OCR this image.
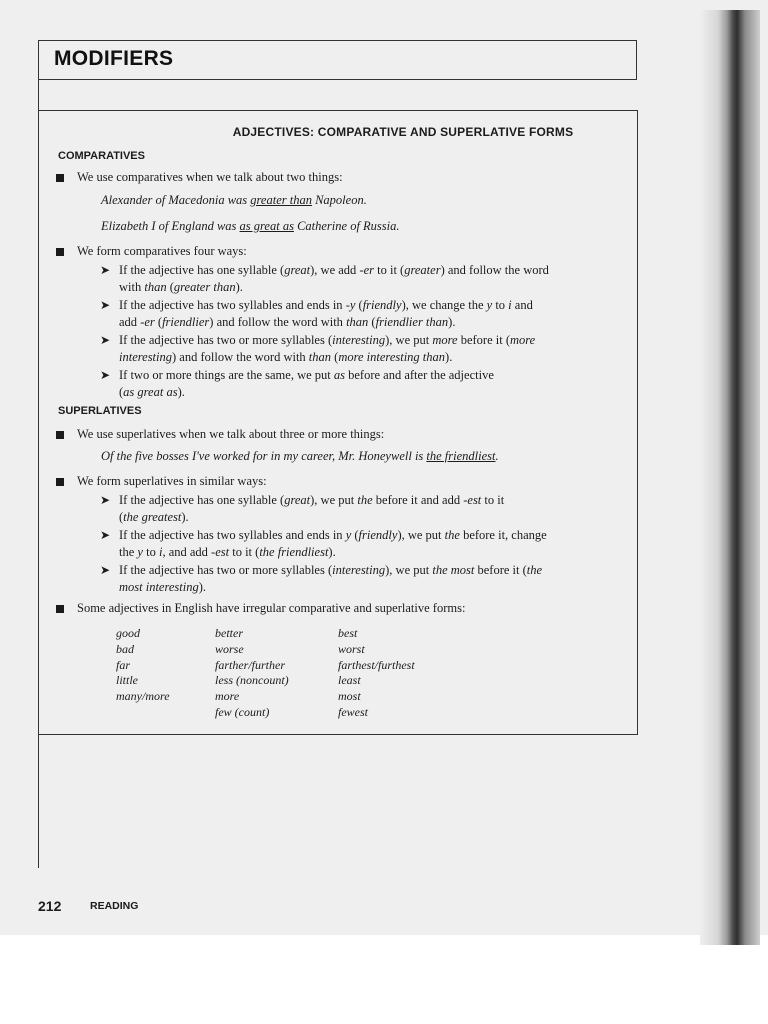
MODIFIERS
ADJECTIVES: COMPARATIVE AND SUPERLATIVE FORMS
COMPARATIVES
We use comparatives when we talk about two things:
Alexander of Macedonia was greater than Napoleon.
Elizabeth I of England was as great as Catherine of Russia.
We form comparatives four ways:
➤ If the adjective has one syllable (great), we add -er to it (greater) and follow the word
with than (greater than).
➤ If the adjective has two syllables and ends in -y (friendly), we change the y to i and
add -er (friendlier) and follow the word with than (friendlier than).
➤ If the adjective has two or more syllables (interesting), we put more before it (more
interesting) and follow the word with than (more interesting than).
➤ If two or more things are the same, we put as before and after the adjective
(as great as).
SUPERLATIVES
We use superlatives when we talk about three or more things:
Of the five bosses I've worked for in my career, Mr. Honeywell is the friendliest.
We form superlatives in similar ways:
➤ If the adjective has one syllable (great), we put the before it and add -est to it
(the greatest).
➤ If the adjective has two syllables and ends in y (friendly), we put the before it, change
the y to i, and add -est to it (the friendliest).
➤ If the adjective has two or more syllables (interesting), we put the most before it (the
most interesting).
Some adjectives in English have irregular comparative and superlative forms:
good
bad
far
little
many/more
better
worse
farther/further
less (noncount)
more
few (count)
best
worst
farthest/furthest
least
most
fewest
212	READING
